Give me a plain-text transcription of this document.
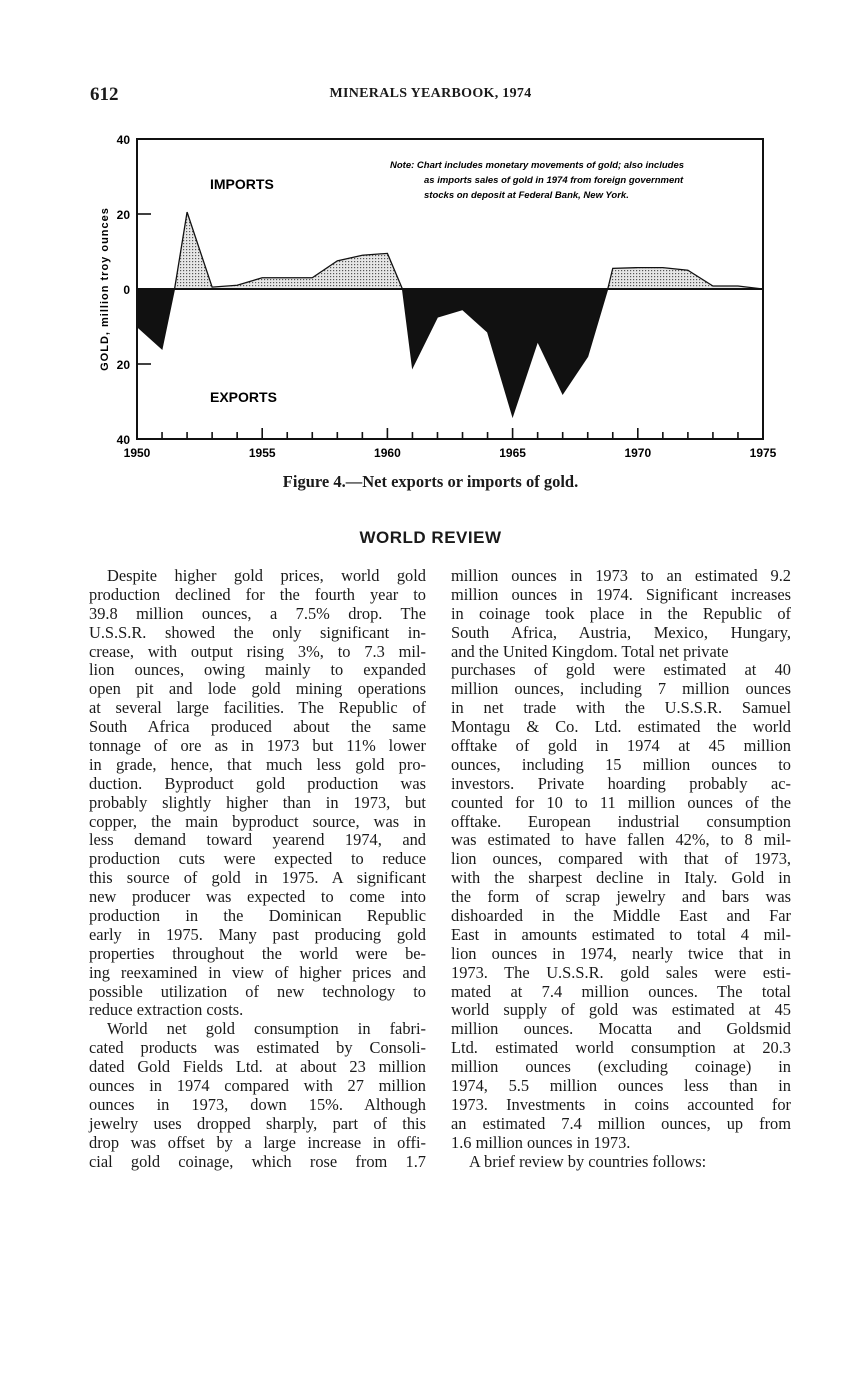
612	MINERALS YEARBOOK, 1974
1950	1955	1960	1965	1970	1975
40
20
0
20
40
IMPORTS
EXPORTS
Note: Chart includes monetary movements of gold; also includes
as imports sales of gold in 1974 from foreign government
stocks on deposit at Federal Bank, New York.
GOLD, million troy ounces
Figure 4.—Net exports or imports of gold.
WORLD REVIEW
Despite higher gold prices, world gold
production declined for the fourth year to
39.8 million ounces, a 7.5% drop. The
U.S.S.R. showed the only significant in-
crease, with output rising 3%, to 7.3 mil-
lion ounces, owing mainly to expanded
open pit and lode gold mining operations
at several large facilities. The Republic of
South Africa produced about the same
tonnage of ore as in 1973 but 11% lower
in grade, hence, that much less gold pro-
duction. Byproduct gold production was
probably slightly higher than in 1973, but
copper, the main byproduct source, was in
less demand toward yearend 1974, and
production cuts were expected to reduce
this source of gold in 1975. A significant
new producer was expected to come into
production in the Dominican Republic
early in 1975. Many past producing gold
properties throughout the world were be-
ing reexamined in view of higher prices and
possible utilization of new technology to
reduce extraction costs.
World net gold consumption in fabri-
cated products was estimated by Consoli-
dated Gold Fields Ltd. at about 23 million
ounces in 1974 compared with 27 million
ounces in 1973, down 15%. Although
jewelry uses dropped sharply, part of this
drop was offset by a large increase in offi-
cial gold coinage, which rose from 1.7
million ounces in 1973 to an estimated 9.2
million ounces in 1974. Significant increases
in coinage took place in the Republic of
South Africa, Austria, Mexico, Hungary,
and the United Kingdom. Total net private
purchases of gold were estimated at 40
million ounces, including 7 million ounces
in net trade with the U.S.S.R. Samuel
Montagu & Co. Ltd. estimated the world
offtake of gold in 1974 at 45 million
ounces, including 15 million ounces to
investors. Private hoarding probably ac-
counted for 10 to 11 million ounces of the
offtake. European industrial consumption
was estimated to have fallen 42%, to 8 mil-
lion ounces, compared with that of 1973,
with the sharpest decline in Italy. Gold in
the form of scrap jewelry and bars was
dishoarded in the Middle East and Far
East in amounts estimated to total 4 mil-
lion ounces in 1974, nearly twice that in
1973. The U.S.S.R. gold sales were esti-
mated at 7.4 million ounces. The total
world supply of gold was estimated at 45
million ounces. Mocatta and Goldsmid
Ltd. estimated world consumption at 20.3
million ounces (excluding coinage) in
1974, 5.5 million ounces less than in
1973. Investments in coins accounted for
an estimated 7.4 million ounces, up from
1.6 million ounces in 1973.
A brief review by countries follows:
